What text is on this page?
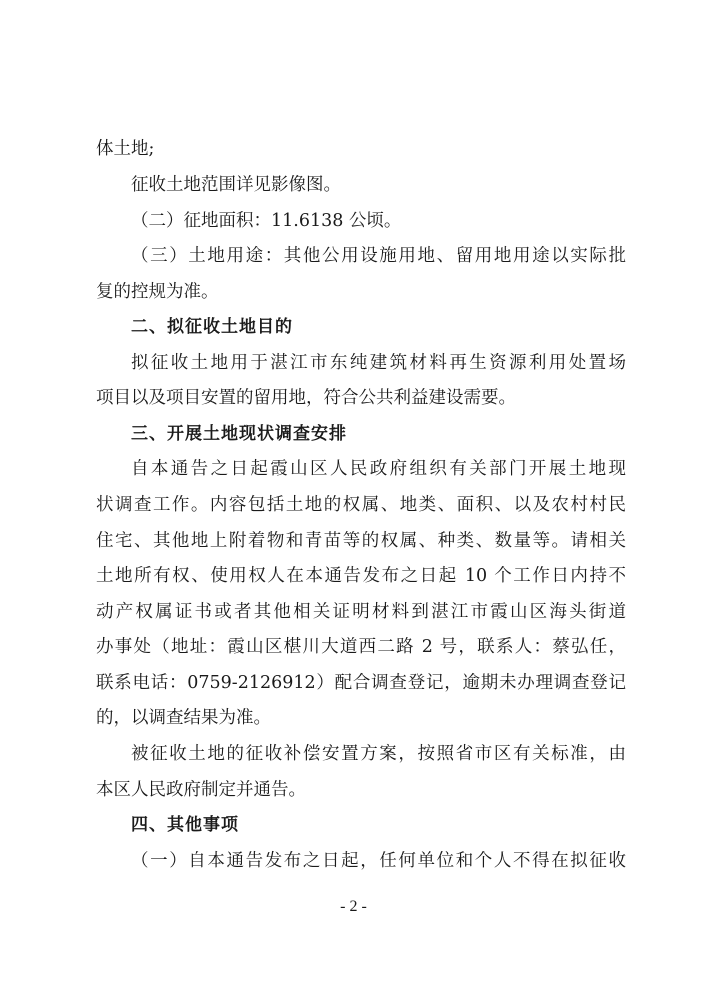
体土地;
征收土地范围详见影像图。
（二）征地面积：11.6138 公顷。
（三）土地用途：其他公用设施用地、留用地用途以实际批
复的控规为准。
二、拟征收土地目的
拟征收土地用于湛江市东纯建筑材料再生资源利用处置场
项目以及项目安置的留用地，符合公共利益建设需要。
三、开展土地现状调查安排
自本通告之日起霞山区人民政府组织有关部门开展土地现
状调查工作。内容包括土地的权属、地类、面积、以及农村村民
住宅、其他地上附着物和青苗等的权属、种类、数量等。请相关
土地所有权、使用权人在本通告发布之日起 10 个工作日内持不
动产权属证书或者其他相关证明材料到湛江市霞山区海头街道
办事处（地址：霞山区椹川大道西二路 2 号，联系人：蔡弘任，
联系电话：0759-2126912）配合调查登记，逾期未办理调查登记
的，以调查结果为准。
被征收土地的征收补偿安置方案，按照省市区有关标准，由
本区人民政府制定并通告。
四、其他事项
（一）自本通告发布之日起，任何单位和个人不得在拟征收
- 2 -
